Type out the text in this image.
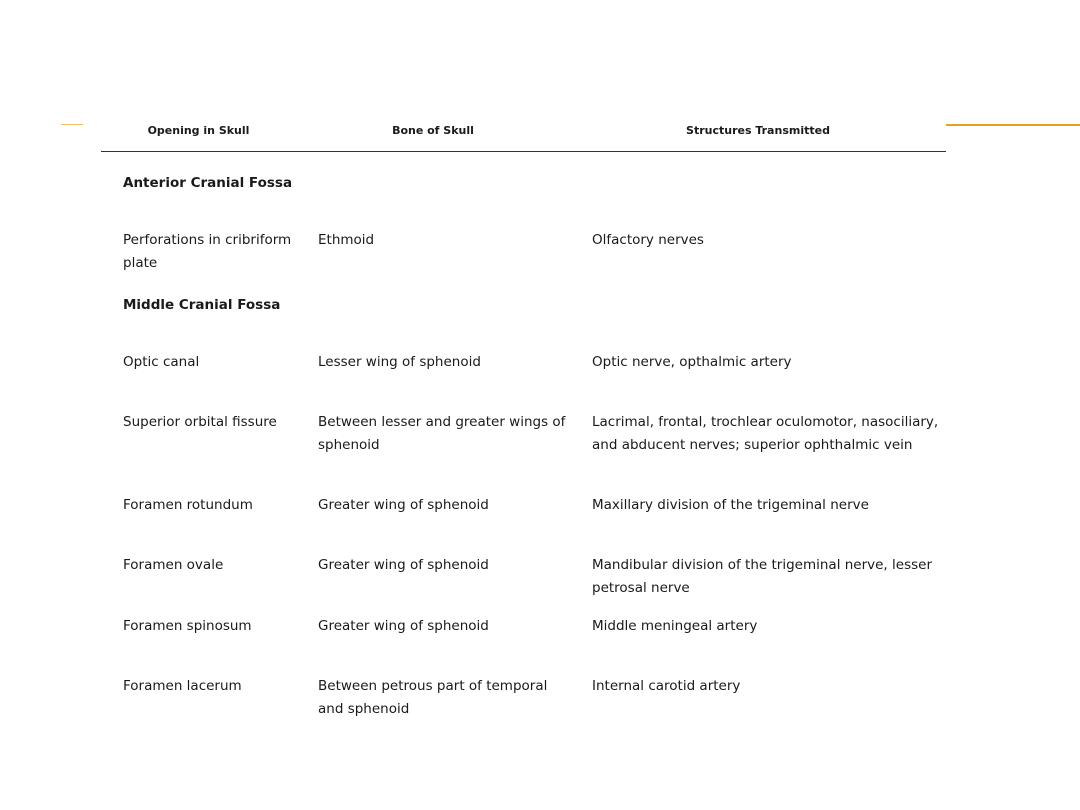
Opening in Skull	Bone of Skull	Structures Transmitted
Anterior Cranial Fossa		
Perforations in cribriform plate	Ethmoid	Olfactory nerves
Middle Cranial Fossa		
Optic canal	Lesser wing of sphenoid	Optic nerve, opthalmic artery
Superior orbital fissure	Between lesser and greater wings of sphenoid	Lacrimal, frontal, trochlear oculomotor, nasociliary, and abducent nerves; superior ophthalmic vein
Foramen rotundum	Greater wing of sphenoid	Maxillary division of the trigeminal nerve
Foramen ovale	Greater wing of sphenoid	Mandibular division of the trigeminal nerve, lesser petrosal nerve
Foramen spinosum	Greater wing of sphenoid	Middle meningeal artery
Foramen lacerum	Between petrous part of temporal and sphenoid	Internal carotid artery
